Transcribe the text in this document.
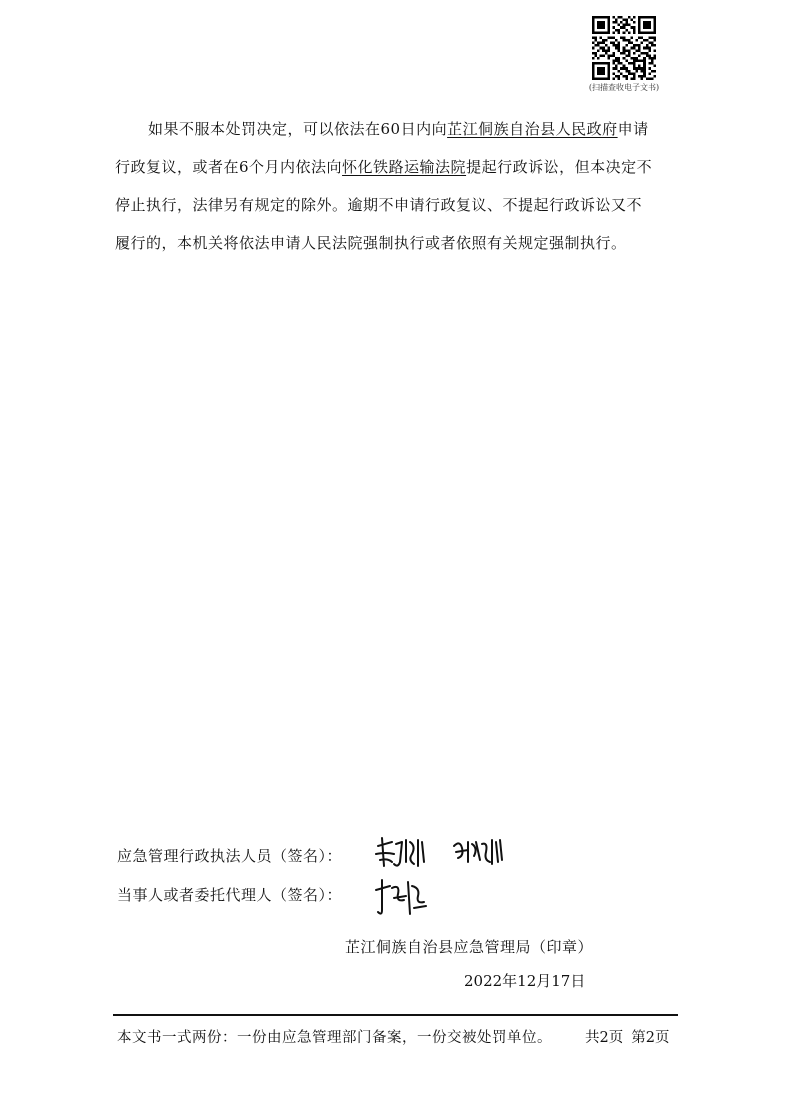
(扫描查收电子文书)
如果不服本处罚决定，可以依法在60日内向芷江侗族自治县人民政府申请
行政复议，或者在6个月内依法向怀化铁路运输法院提起行政诉讼，但本决定不
停止执行，法律另有规定的除外。逾期不申请行政复议、不提起行政诉讼又不
履行的，本机关将依法申请人民法院强制执行或者依照有关规定强制执行。
应急管理行政执法人员（签名）：
当事人或者委托代理人（签名）：
芷江侗族自治县应急管理局（印章）
2022年12月17日
本文书一式两份：一份由应急管理部门备案，一份交被处罚单位。 共2页 第2页
